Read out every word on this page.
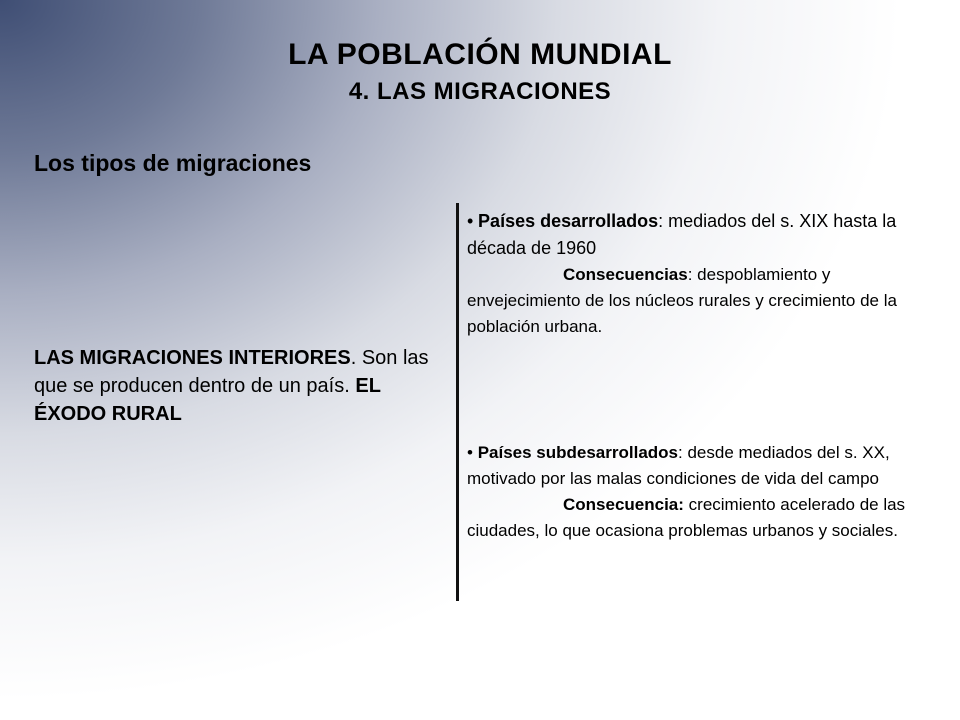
LA POBLACIÓN MUNDIAL
4. LAS MIGRACIONES
Los tipos de migraciones
LAS MIGRACIONES INTERIORES. Son las que se producen dentro de un país. EL ÉXODO RURAL
• Países desarrollados: mediados del s. XIX hasta la década de 1960
Consecuencias: despoblamiento y envejecimiento de los núcleos rurales y crecimiento de la población urbana.
• Países subdesarrollados: desde mediados del s. XX, motivado por las malas condiciones de vida del campo
Consecuencia: crecimiento acelerado de las ciudades, lo que ocasiona problemas urbanos y sociales.
